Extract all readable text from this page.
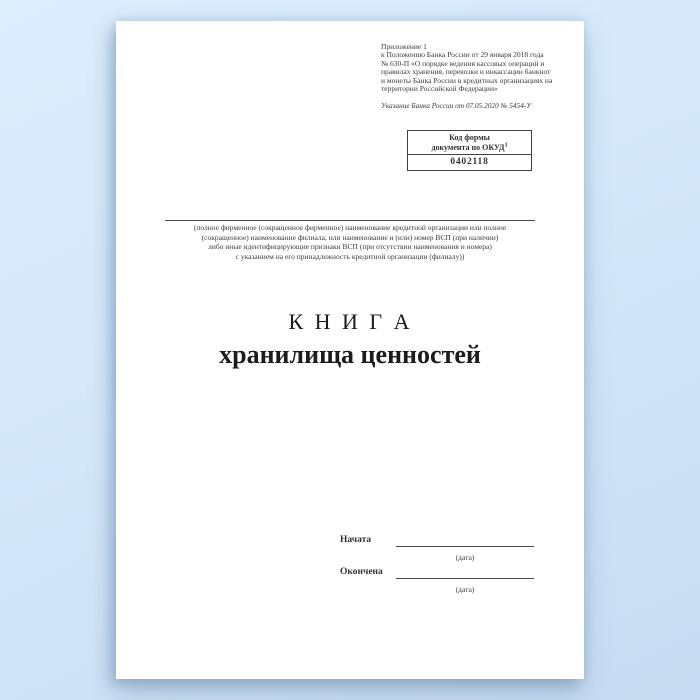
Приложение 1
к Положению Банка России от 29 января 2018 года
№ 630-П «О порядке ведения кассовых операций и
правилах хранения, перевозки и инкассации банкнот
и монеты Банка России в кредитных организациях на
территории Российской Федерации»
Указание Банка России от 07.05.2020 № 5454-У
Код формы
документа по ОКУД$^1$
0402118
(полное фирменное (сокращенное фирменное) наименование кредитной организации или полное
(сокращенное) наименование филиала, или наименование и (или) номер ВСП (при наличии)
либо иные идентифицирующие признаки ВСП (при отсутствии наименования и номера)
с указанием на его принадлежность кредитной организации (филиалу))
К Н И Г А
хранилища ценностей
Начата
(дата)
Окончена
(дата)
